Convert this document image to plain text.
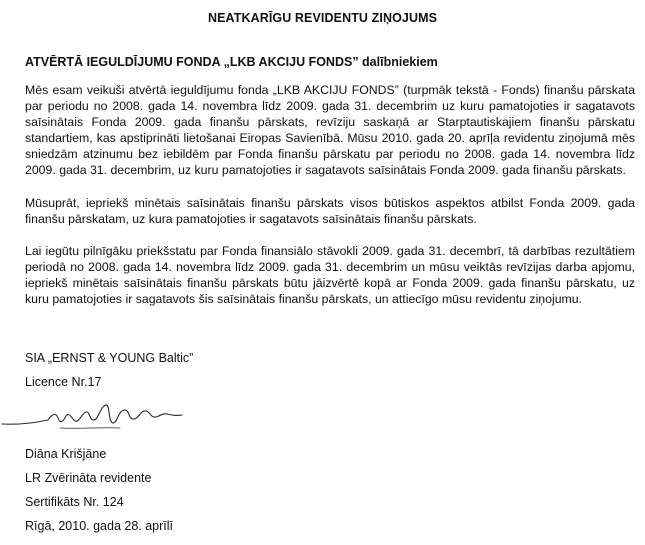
NEATKARĪGU REVIDENTU ZIŅOJUMS
ATVĒRTĀ IEGULDĪJUMU FONDA „LKB AKCIJU FONDS” dalībniekiem
Mēs esam veikuši atvērtā ieguldījumu fonda „LKB AKCIJU FONDS” (turpmāk tekstā - Fonds) finanšu pārskata par periodu no 2008. gada 14. novembra līdz 2009. gada 31. decembrim uz kuru pamatojoties ir sagatavots saīsinātais Fonda 2009. gada finanšu pārskats, revīziju saskaņā ar Starptautiskajiem finanšu pārskatu standartiem, kas apstiprināti lietošanai Eiropas Savienībā. Mūsu 2010. gada 20. aprīļa revidentu ziņojumā mēs sniedzām atzinumu bez iebildēm par Fonda finanšu pārskatu par periodu no 2008. gada 14. novembra līdz 2009. gada 31. decembrim, uz kuru pamatojoties ir sagatavots saīsinātais Fonda 2009. gada finanšu pārskats.
Mūsuprāt, iepriekš minētais saīsinātais finanšu pārskats visos būtiskos aspektos atbilst Fonda 2009. gada finanšu pārskatam, uz kura pamatojoties ir sagatavots saīsinātais finanšu pārskats.
Lai iegūtu pilnīgāku priekšstatu par Fonda finansiālo stāvokli 2009. gada 31. decembrī, tā darbības rezultātiem periodā no 2008. gada 14. novembra līdz 2009. gada 31. decembrim un mūsu veiktās revīzijas darba apjomu, iepriekš minētais saīsinātais finanšu pārskats būtu jāizvērtē kopā ar Fonda 2009. gada finanšu pārskatu, uz kuru pamatojoties ir sagatavots šis saīsinātais finanšu pārskats, un attiecīgo mūsu revidentu ziņojumu.
SIA „ERNST & YOUNG Baltic”
Licence Nr.17
Diāna Krišjāne
LR Zvērināta revidente
Sertifikāts Nr. 124
Rīgā, 2010. gada 28. aprīlī
